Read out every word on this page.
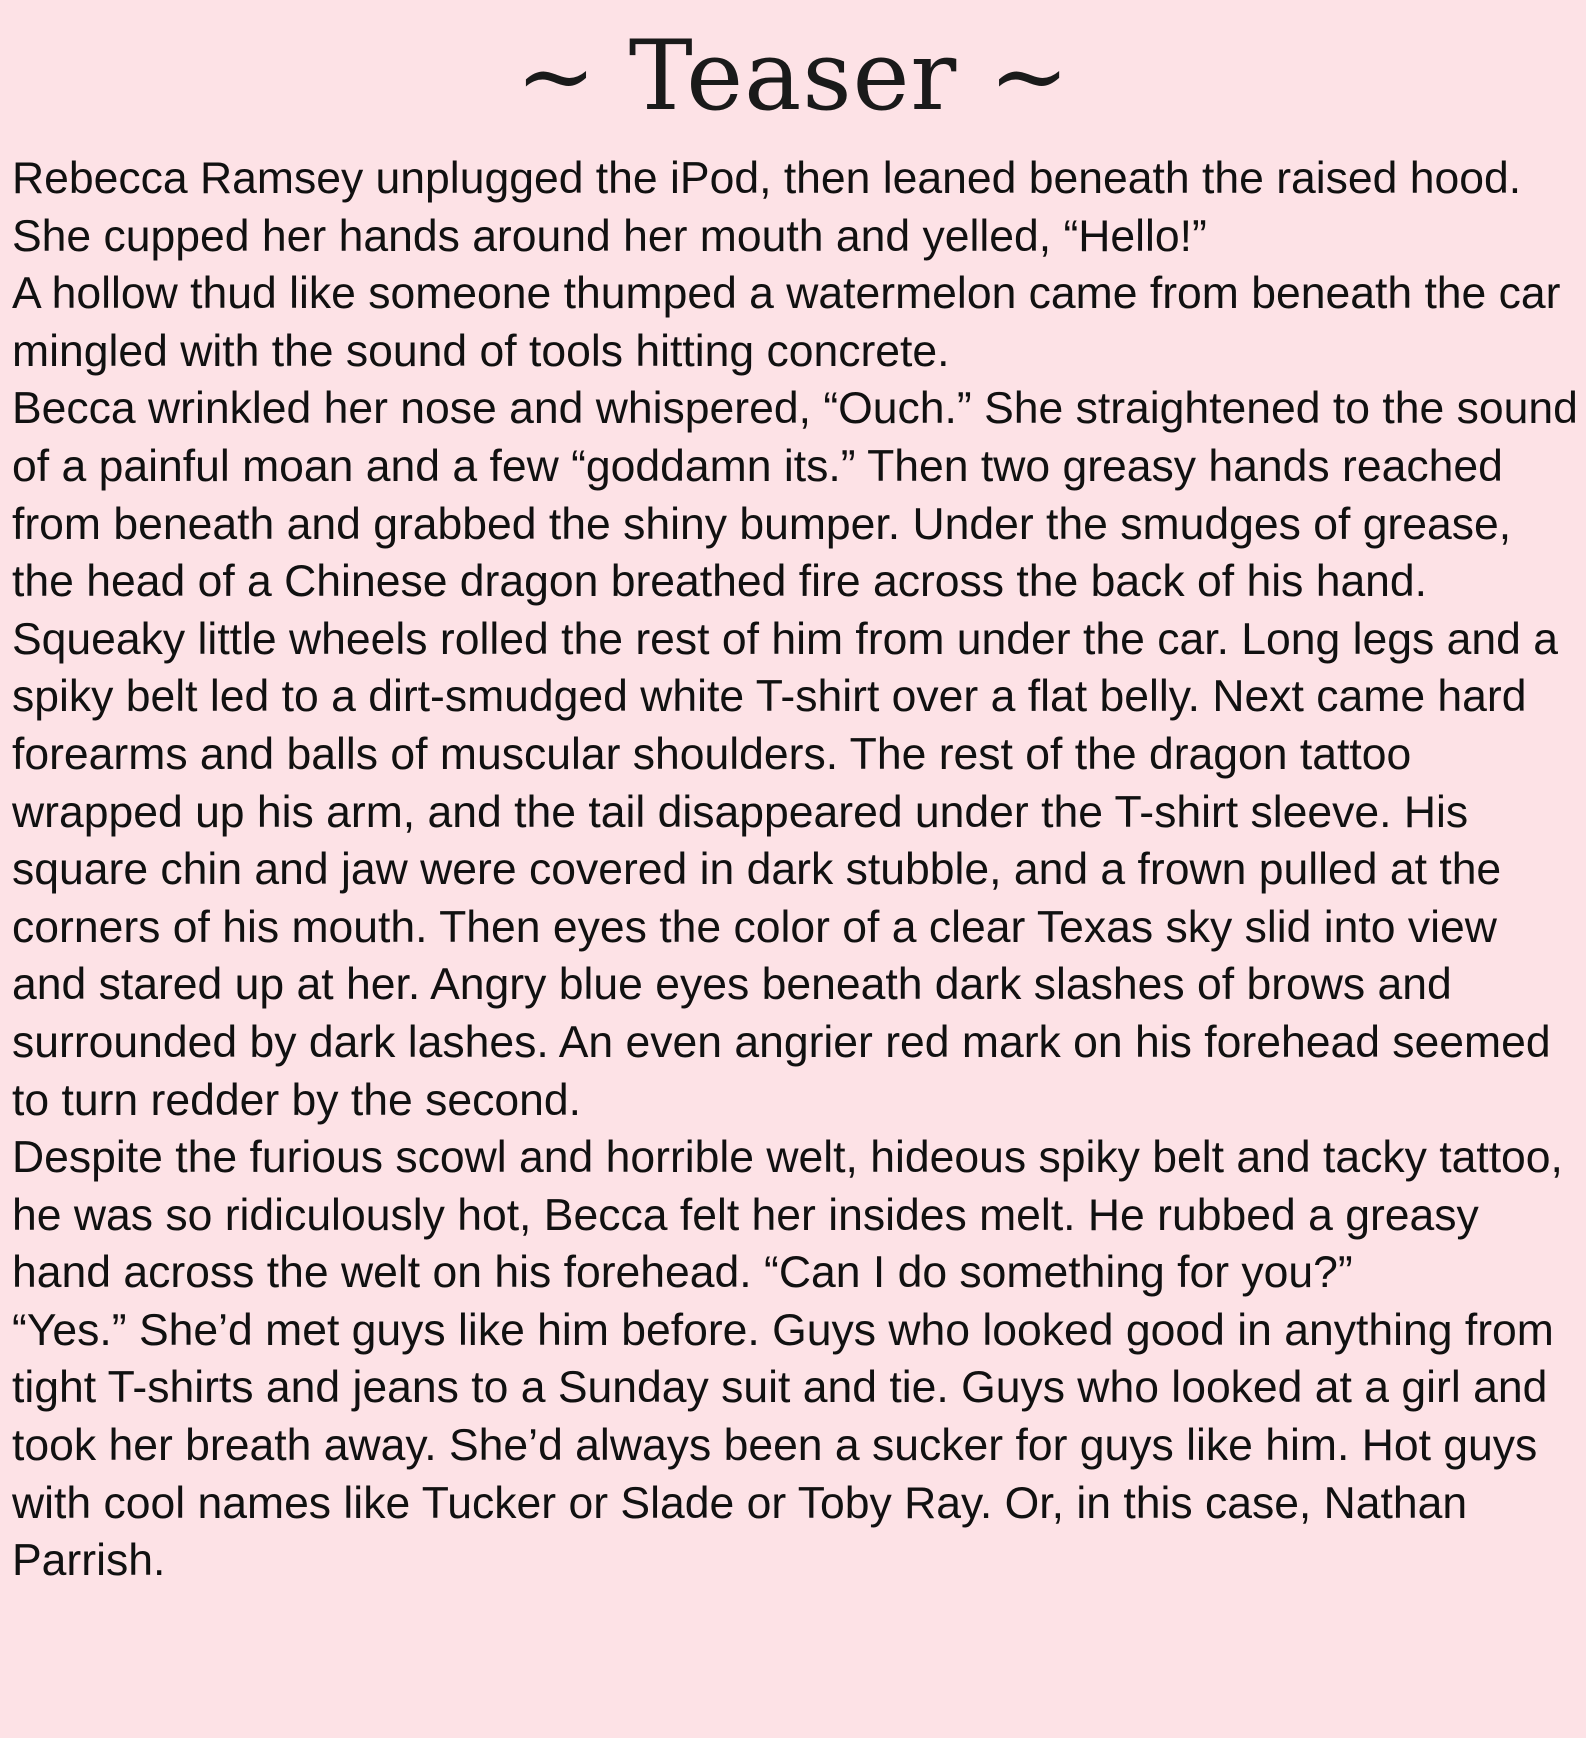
~ Teaser ~

Rebecca Ramsey unplugged the iPod, then leaned beneath the raised hood. She cupped her hands around her mouth and yelled, “Hello!”

A hollow thud like someone thumped a watermelon came from beneath the car mingled with the sound of tools hitting concrete.

Becca wrinkled her nose and whispered, “Ouch.” She straightened to the sound of a painful moan and a few “goddamn its.” Then two greasy hands reached from beneath and grabbed the shiny bumper. Under the smudges of grease, the head of a Chinese dragon breathed fire across the back of his hand. Squeaky little wheels rolled the rest of him from under the car. Long legs and a spiky belt led to a dirt-smudged white T-shirt over a flat belly. Next came hard forearms and balls of muscular shoulders. The rest of the dragon tattoo wrapped up his arm, and the tail disappeared under the T-shirt sleeve. His square chin and jaw were covered in dark stubble, and a frown pulled at the corners of his mouth. Then eyes the color of a clear Texas sky slid into view and stared up at her. Angry blue eyes beneath dark slashes of brows and surrounded by dark lashes. An even angrier red mark on his forehead seemed to turn redder by the second.

Despite the furious scowl and horrible welt, hideous spiky belt and tacky tattoo, he was so ridiculously hot, Becca felt her insides melt. He rubbed a greasy hand across the welt on his forehead. “Can I do something for you?”

“Yes.” She’d met guys like him before. Guys who looked good in anything from tight T-shirts and jeans to a Sunday suit and tie. Guys who looked at a girl and took her breath away. She’d always been a sucker for guys like him. Hot guys with cool names like Tucker or Slade or Toby Ray. Or, in this case, Nathan Parrish.
